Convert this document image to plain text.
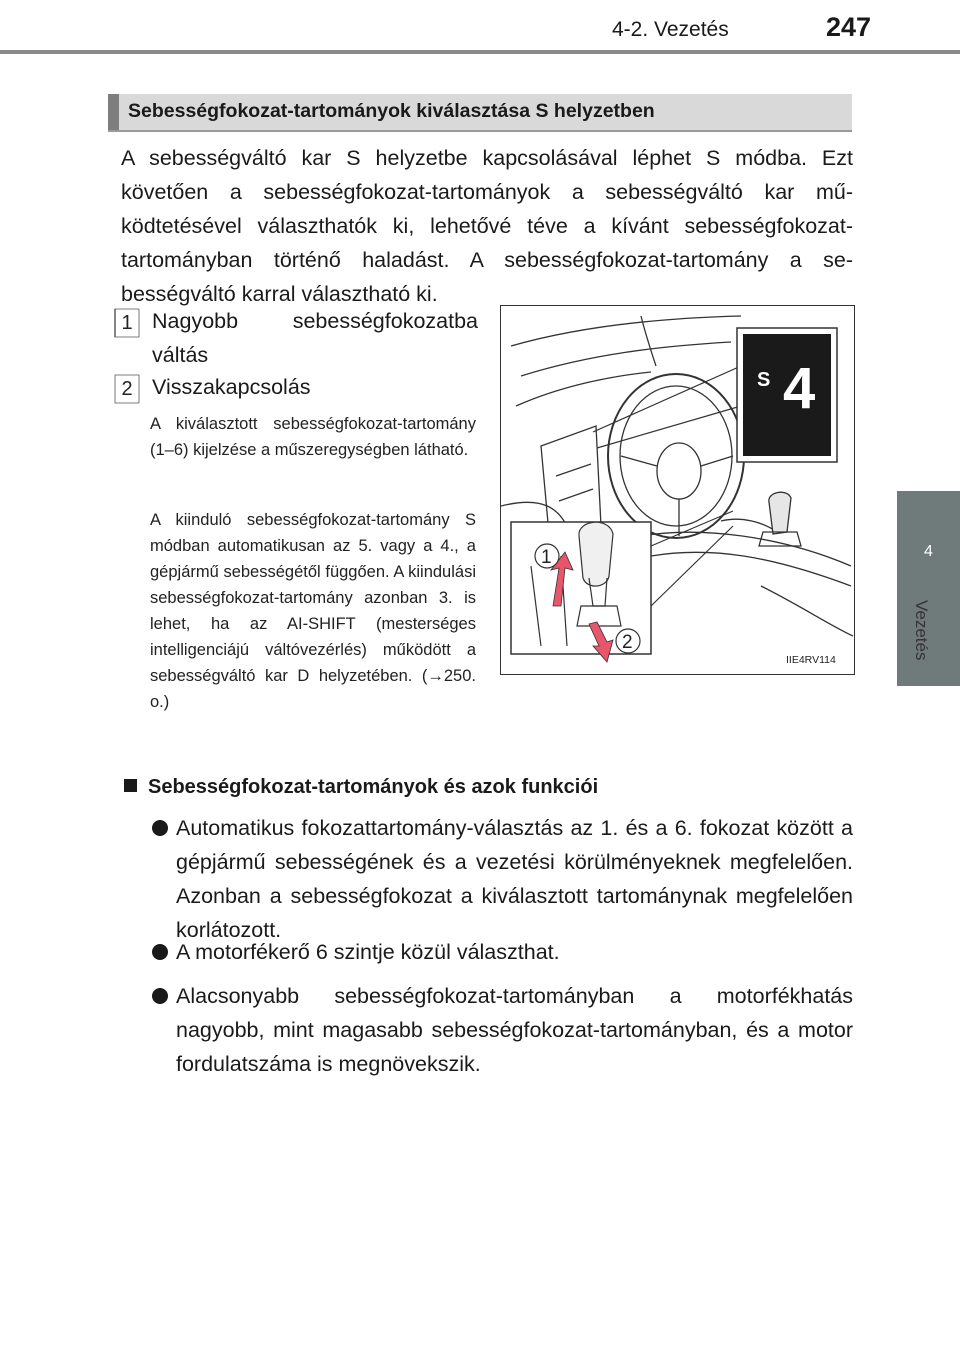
4-2. Vezetés	247
4
Vezetés
Sebességfokozat-tartományok kiválasztása S helyzetben
A sebességváltó kar S helyzetbe kapcsolásával léphet S módba. Ezt követően a sebességfokozat-tartományok a sebességváltó kar működtetésével választhatók ki, lehetővé téve a kívánt sebességfokozat-tartományban történő haladást. A sebességfokozat-tartomány a sebességváltó karral választható ki.
1 Nagyobb sebességfokozatba váltás
2 Visszakapcsolás
A kiválasztott sebességfokozat-tartomány (1–6) kijelzése a műszeregységben látható.
A kiinduló sebességfokozat-tartomány S módban automatikusan az 5. vagy a 4., a gépjármű sebességétől függően. A kiindulási sebességfokozat-tartomány azonban 3. is lehet, ha az AI-SHIFT (mesterséges intelligenciájú váltóvezérlés) működött a sebességváltó kar D helyzetében. (→250. o.)
S 4
1
2
IIE4RV114
Sebességfokozat-tartományok és azok funkciói
Automatikus fokozattartomány-választás az 1. és a 6. fokozat között a gépjármű sebességének és a vezetési körülményeknek megfelelően. Azonban a sebességfokozat a kiválasztott tartománynak megfelelően korlátozott.
A motorfékerő 6 szintje közül választhat.
Alacsonyabb sebességfokozat-tartományban a motorfékhatás nagyobb, mint magasabb sebességfokozat-tartományban, és a motor fordulatszáma is megnövekszik.
